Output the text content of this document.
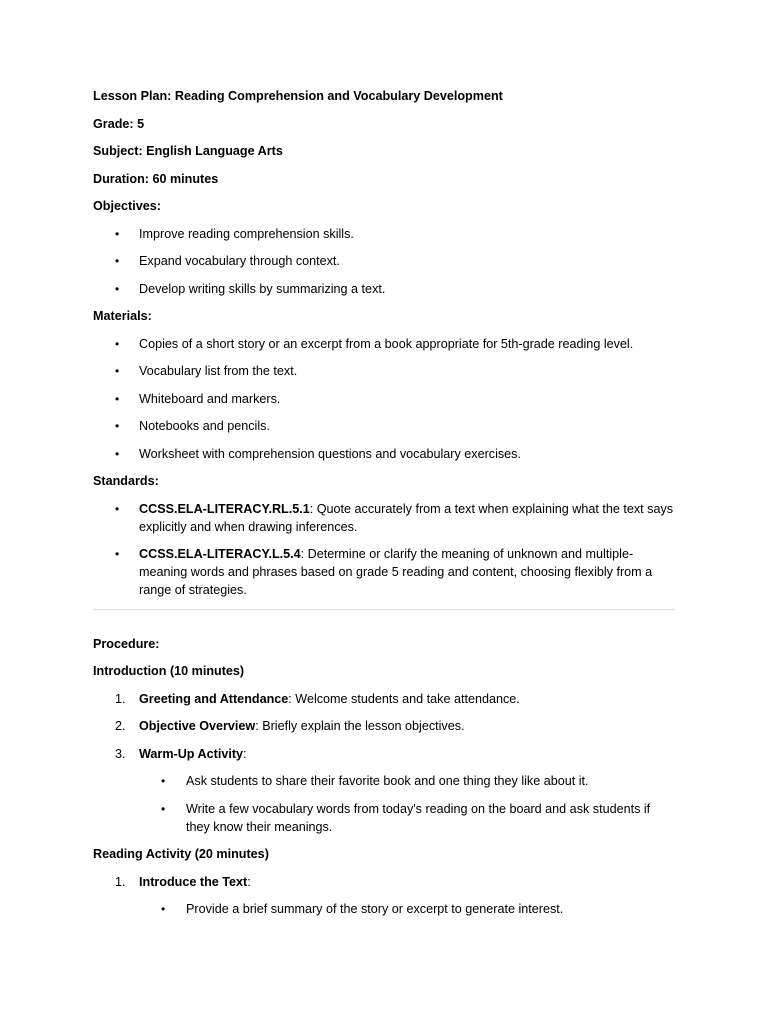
Lesson Plan: Reading Comprehension and Vocabulary Development

Grade: 5

Subject: English Language Arts

Duration: 60 minutes

Objectives:

• Improve reading comprehension skills.
• Expand vocabulary through context.
• Develop writing skills by summarizing a text.

Materials:

• Copies of a short story or an excerpt from a book appropriate for 5th-grade reading level.
• Vocabulary list from the text.
• Whiteboard and markers.
• Notebooks and pencils.
• Worksheet with comprehension questions and vocabulary exercises.

Standards:

• CCSS.ELA-LITERACY.RL.5.1: Quote accurately from a text when explaining what the text says
explicitly and when drawing inferences.
• CCSS.ELA-LITERACY.L.5.4: Determine or clarify the meaning of unknown and multiple-
meaning words and phrases based on grade 5 reading and content, choosing flexibly from a
range of strategies.

Procedure:

Introduction (10 minutes)

1. Greeting and Attendance: Welcome students and take attendance.
2. Objective Overview: Briefly explain the lesson objectives.
3. Warm-Up Activity:
• Ask students to share their favorite book and one thing they like about it.
• Write a few vocabulary words from today's reading on the board and ask students if
they know their meanings.

Reading Activity (20 minutes)

1. Introduce the Text:
• Provide a brief summary of the story or excerpt to generate interest.
